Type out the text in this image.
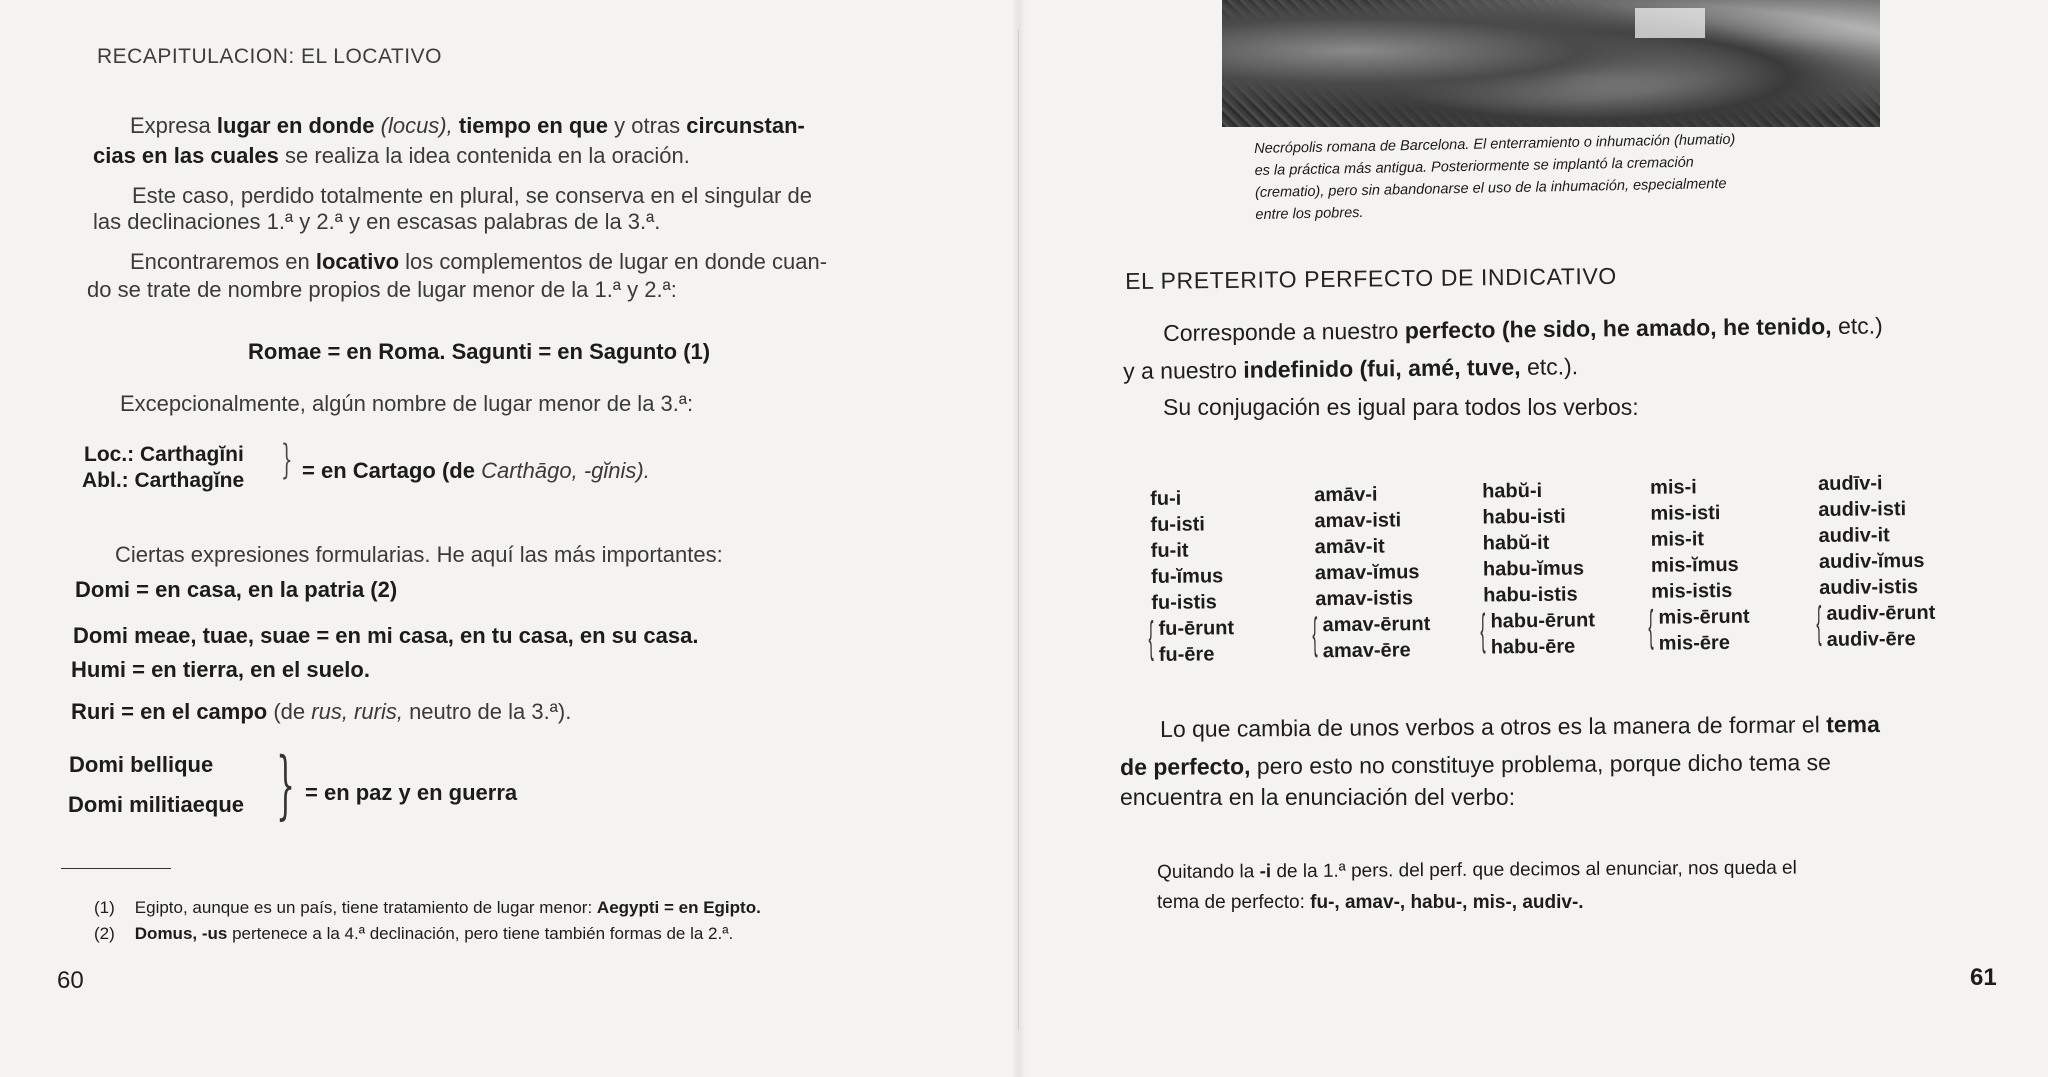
RECAPITULACION: EL LOCATIVO
Expresa lugar en donde (locus), tiempo en que y otras circunstan-
cias en las cuales se realiza la idea contenida en la oración.
Este caso, perdido totalmente en plural, se conserva en el singular de
las declinaciones 1.ª y 2.ª y en escasas palabras de la 3.ª.
Encontraremos en locativo los complementos de lugar en donde cuan-
do se trate de nombre propios de lugar menor de la 1.ª y 2.ª:
Romae = en Roma. Sagunti = en Sagunto (1)
Excepcionalmente, algún nombre de lugar menor de la 3.ª:
Loc.: Carthagĭni
Abl.: Carthagĭne } = en Cartago (de Carthāgo, -gĭnis).
Ciertas expresiones formularias. He aquí las más importantes:
Domi = en casa, en la patria (2)
Domi meae, tuae, suae = en mi casa, en tu casa, en su casa.
Humi = en tierra, en el suelo.
Ruri = en el campo (de rus, ruris, neutro de la 3.ª).
Domi bellique
Domi militiaeque } = en paz y en guerra
(1) Egipto, aunque es un país, tiene tratamiento de lugar menor: Aegypti = en Egipto.
(2) Domus, -us pertenece a la 4.ª declinación, pero tiene también formas de la 2.ª.
60
Necrópolis romana de Barcelona. El enterramiento o inhumación (humatio)
es la práctica más antigua. Posteriormente se implantó la cremación
(crematio), pero sin abandonarse el uso de la inhumación, especialmente
entre los pobres.
EL PRETERITO PERFECTO DE INDICATIVO
Corresponde a nuestro perfecto (he sido, he amado, he tenido, etc.)
y a nuestro indefinido (fui, amé, tuve, etc.).
Su conjugación es igual para todos los verbos:
fu-i
fu-isti
fu-it
fu-ĭmus
fu-istis
fu-ērunt
fu-ēre
{
amāv-i
amav-isti
amāv-it
amav-ĭmus
amav-istis
amav-ērunt
amav-ēre
{
habŭ-i
habu-isti
habŭ-it
habu-ĭmus
habu-istis
habu-ērunt
habu-ēre
{
mis-i
mis-isti
mis-it
mis-ĭmus
mis-istis
mis-ērunt
mis-ēre
{
audīv-i
audiv-isti
audiv-it
audiv-ĭmus
audiv-istis
audiv-ērunt
audiv-ēre
{
Lo que cambia de unos verbos a otros es la manera de formar el tema
de perfecto, pero esto no constituye problema, porque dicho tema se
encuentra en la enunciación del verbo:
Quitando la -i de la 1.ª pers. del perf. que decimos al enunciar, nos queda el
tema de perfecto: fu-, amav-, habu-, mis-, audiv-.
61
